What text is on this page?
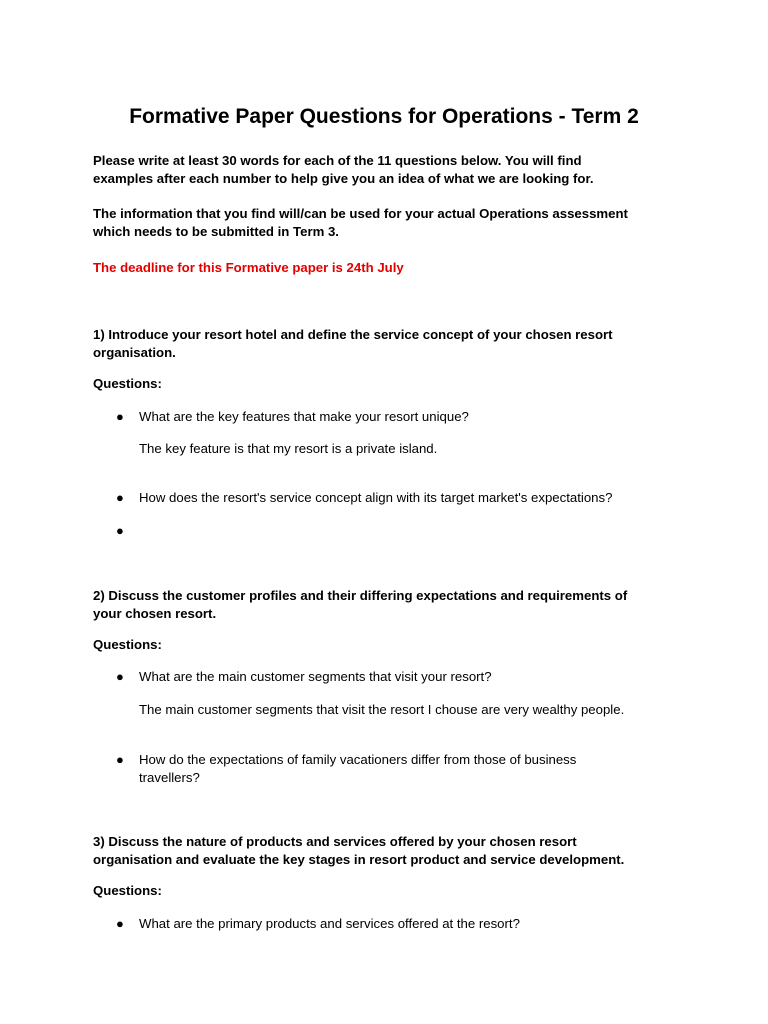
Formative Paper Questions for Operations - Term 2
Please write at least 30 words for each of the 11 questions below. You will find
examples after each number to help give you an idea of what we are looking for.
The information that you find will/can be used for your actual Operations assessment
which needs to be submitted in Term 3.
The deadline for this Formative paper is 24th July
1) Introduce your resort hotel and define the service concept of your chosen resort
organisation.
Questions:
● What are the key features that make your resort unique?
The key feature is that my resort is a private island.
● How does the resort's service concept align with its target market's expectations?
●
2) Discuss the customer profiles and their differing expectations and requirements of
your chosen resort.
Questions:
● What are the main customer segments that visit your resort?
The main customer segments that visit the resort I chouse are very wealthy people.
● How do the expectations of family vacationers differ from those of business
travellers?
3) Discuss the nature of products and services offered by your chosen resort
organisation and evaluate the key stages in resort product and service development.
Questions:
● What are the primary products and services offered at the resort?
